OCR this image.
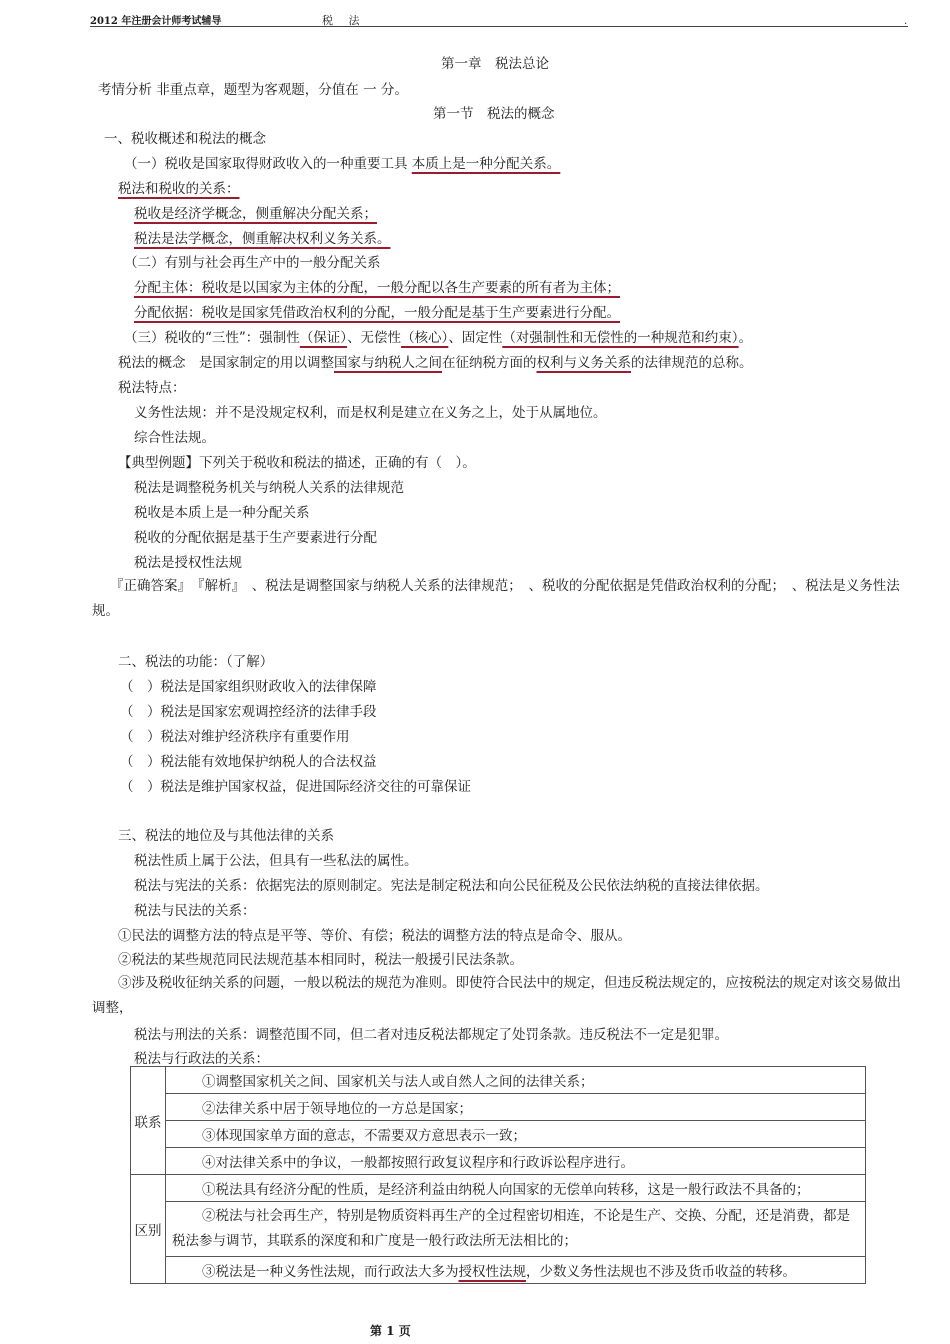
2012 年注册会计师考试辅导	税 法	.
第一章　税法总论
考情分析 非重点章，题型为客观题，分值在 一 分。
第一节　税法的概念
一、税收概述和税法的概念
（一）税收是国家取得财政收入的一种重要工具 本质上是一种分配关系。
税法和税收的关系：
税收是经济学概念，侧重解决分配关系；
税法是法学概念，侧重解决权利义务关系。
（二）有别与社会再生产中的一般分配关系
分配主体：税收是以国家为主体的分配，一般分配以各生产要素的所有者为主体；
分配依据：税收是国家凭借政治权利的分配，一般分配是基于生产要素进行分配。
（三）税收的“三性”：强制性（保证）、无偿性（核心）、固定性（对强制性和无偿性的一种规范和约束）。
税法的概念　是国家制定的用以调整国家与纳税人之间在征纳税方面的权利与义务关系的法律规范的总称。
税法特点：
义务性法规：并不是没规定权利，而是权利是建立在义务之上，处于从属地位。
综合性法规。
【典型例题】下列关于税收和税法的描述，正确的有（　）。
税法是调整税务机关与纳税人关系的法律规范
税收是本质上是一种分配关系
税收的分配依据是基于生产要素进行分配
税法是授权性法规
『正确答案』　『解析』　、税法是调整国家与纳税人关系的法律规范；　、税收的分配依据是凭借政治权利的分配；　、税法是义务性法规。
二、税法的功能：（了解）
（　）税法是国家组织财政收入的法律保障
（　）税法是国家宏观调控经济的法律手段
（　）税法对维护经济秩序有重要作用
（　）税法能有效地保护纳税人的合法权益
（　）税法是维护国家权益，促进国际经济交往的可靠保证
三、税法的地位及与其他法律的关系
税法性质上属于公法，但具有一些私法的属性。
税法与宪法的关系：依据宪法的原则制定。宪法是制定税法和向公民征税及公民依法纳税的直接法律依据。
税法与民法的关系：
①民法的调整方法的特点是平等、等价、有偿；税法的调整方法的特点是命令、服从。
②税法的某些规范同民法规范基本相同时，税法一般援引民法条款。
③涉及税收征纳关系的问题，一般以税法的规范为准则。即使符合民法中的规定，但违反税法规定的，应按税法的规定对该交易做出调整，
税法与刑法的关系：调整范围不同，但二者对违反税法都规定了处罚条款。违反税法不一定是犯罪。
税法与行政法的关系：
联系	①调整国家机关之间、国家机关与法人或自然人之间的法律关系；
	②法律关系中居于领导地位的一方总是国家；
	③体现国家单方面的意志，不需要双方意思表示一致；
	④对法律关系中的争议，一般都按照行政复议程序和行政诉讼程序进行。
区别	①税法具有经济分配的性质，是经济利益由纳税人向国家的无偿单向转移，这是一般行政法不具备的；

	②税法与社会再生产，特别是物质资料再生产的全过程密切相连，不论是生产、交换、分配，还是消费，都是税法参与调节，其联系的深度和和广度是一般行政法所无法相比的；

	③税法是一种义务性法规，而行政法大多为授权性法规，少数义务性法规也不涉及货币收益的转移。
第 1 页
